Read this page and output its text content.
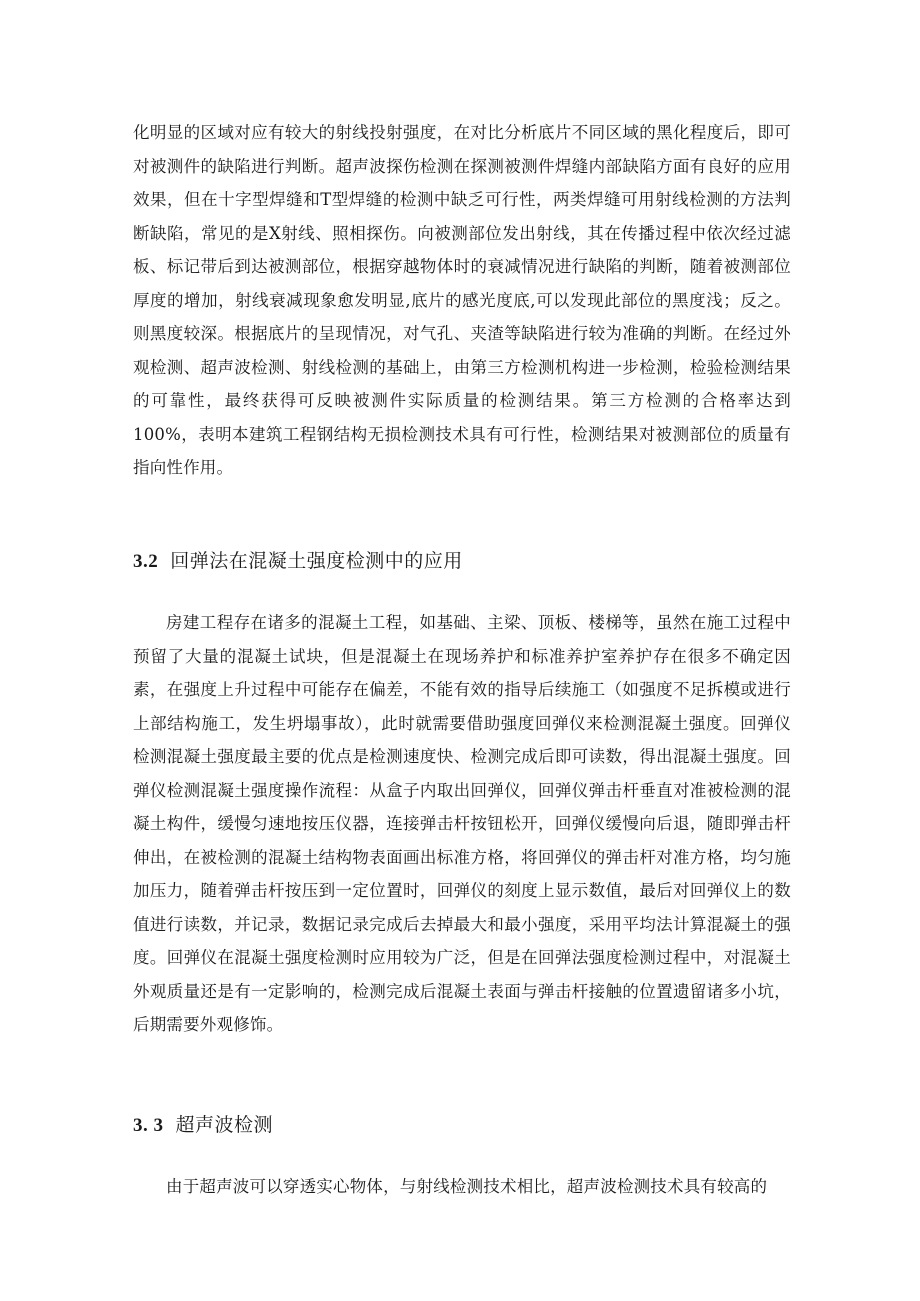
化明显的区域对应有较大的射线投射强度，在对比分析底片不同区域的黑化程度后，即可对被测件的缺陷进行判断。超声波探伤检测在探测被测件焊缝内部缺陷方面有良好的应用效果，但在十字型焊缝和T型焊缝的检测中缺乏可行性，两类焊缝可用射线检测的方法判断缺陷，常见的是X射线、照相探伤。向被测部位发出射线，其在传播过程中依次经过滤板、标记带后到达被测部位，根据穿越物体时的衰减情况进行缺陷的判断，随着被测部位厚度的增加，射线衰减现象愈发明显,底片的感光度底,可以发现此部位的黑度浅；反之。则黑度较深。根据底片的呈现情况，对气孔、夹渣等缺陷进行较为准确的判断。在经过外观检测、超声波检测、射线检测的基础上，由第三方检测机构进一步检测，检验检测结果的可靠性，最终获得可反映被测件实际质量的检测结果。第三方检测的合格率达到100%，表明本建筑工程钢结构无损检测技术具有可行性，检测结果对被测部位的质量有指向性作用。

3.2 回弹法在混凝土强度检测中的应用

房建工程存在诸多的混凝土工程，如基础、主梁、顶板、楼梯等，虽然在施工过程中预留了大量的混凝土试块，但是混凝土在现场养护和标准养护室养护存在很多不确定因素，在强度上升过程中可能存在偏差，不能有效的指导后续施工（如强度不足拆模或进行上部结构施工，发生坍塌事故），此时就需要借助强度回弹仪来检测混凝土强度。回弹仪检测混凝土强度最主要的优点是检测速度快、检测完成后即可读数，得出混凝土强度。回弹仪检测混凝土强度操作流程：从盒子内取出回弹仪，回弹仪弹击杆垂直对准被检测的混凝土构件，缓慢匀速地按压仪器，连接弹击杆按钮松开，回弹仪缓慢向后退，随即弹击杆伸出，在被检测的混凝土结构物表面画出标准方格，将回弹仪的弹击杆对准方格，均匀施加压力，随着弹击杆按压到一定位置时，回弹仪的刻度上显示数值，最后对回弹仪上的数值进行读数，并记录，数据记录完成后去掉最大和最小强度，采用平均法计算混凝土的强度。回弹仪在混凝土强度检测时应用较为广泛，但是在回弹法强度检测过程中，对混凝土外观质量还是有一定影响的，检测完成后混凝土表面与弹击杆接触的位置遗留诸多小坑，后期需要外观修饰。

3. 3 超声波检测

由于超声波可以穿透实心物体，与射线检测技术相比，超声波检测技术具有较高的
